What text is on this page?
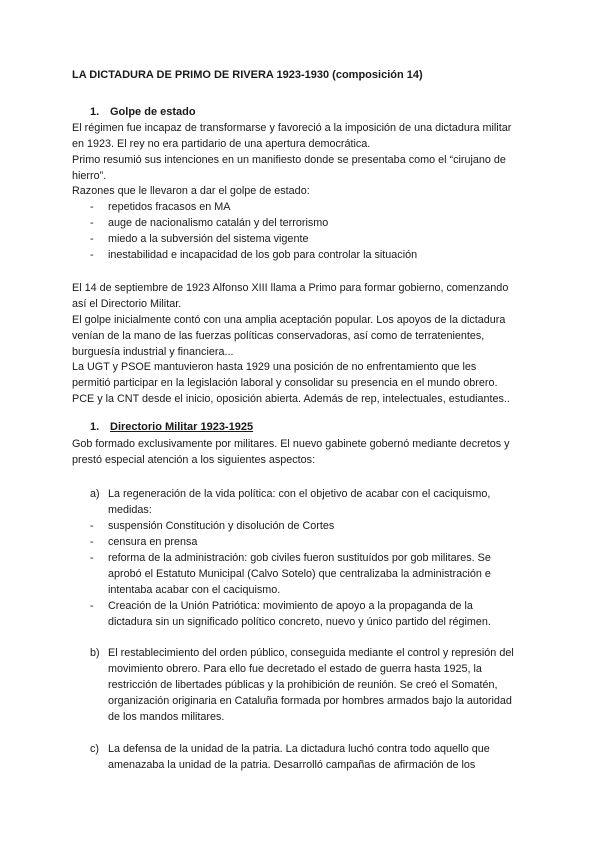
LA DICTADURA DE PRIMO DE RIVERA 1923-1930 (composición 14)
1. Golpe de estado
El régimen fue incapaz de transformarse y favoreció a la imposición de una dictadura militar
en 1923. El rey no era partidario de una apertura democrática.
Primo resumió sus intenciones en un manifiesto donde se presentaba como el “cirujano de
hierro”.
Razones que le llevaron a dar el golpe de estado:
- repetidos fracasos en MA
- auge de nacionalismo catalán y del terrorismo
- miedo a la subversión del sistema vigente
- inestabilidad e incapacidad de los gob para controlar la situación
El 14 de septiembre de 1923 Alfonso XIII llama a Primo para formar gobierno, comenzando
así el Directorio Militar.
El golpe inicialmente contó con una amplia aceptación popular. Los apoyos de la dictadura
venían de la mano de las fuerzas políticas conservadoras, así como de terratenientes,
burguesía industrial y financiera...
La UGT y PSOE mantuvieron hasta 1929 una posición de no enfrentamiento que les
permitió participar en la legislación laboral y consolidar su presencia en el mundo obrero.
PCE y la CNT desde el inicio, oposición abierta. Además de rep, intelectuales, estudiantes..
1. Directorio Militar 1923-1925
Gob formado exclusivamente por militares. El nuevo gabinete gobernó mediante decretos y
prestó especial atención a los siguientes aspectos:
a) La regeneración de la vida política: con el objetivo de acabar con el caciquismo,
medidas:
- suspensión Constitución y disolución de Cortes
- censura en prensa
- reforma de la administración: gob civiles fueron sustituídos por gob militares. Se
aprobó el Estatuto Municipal (Calvo Sotelo) que centralizaba la administración e
intentaba acabar con el caciquismo.
- Creación de la Unión Patriótica: movimiento de apoyo a la propaganda de la
dictadura sin un significado político concreto, nuevo y único partido del régimen.
b) El restablecimiento del orden público, conseguida mediante el control y represión del
movimiento obrero. Para ello fue decretado el estado de guerra hasta 1925, la
restricción de libertades públicas y la prohibición de reunión. Se creó el Somatén,
organización originaria en Cataluña formada por hombres armados bajo la autoridad
de los mandos militares.
c) La defensa de la unidad de la patria. La dictadura luchó contra todo aquello que
amenazaba la unidad de la patria. Desarrolló campañas de afirmación de los
